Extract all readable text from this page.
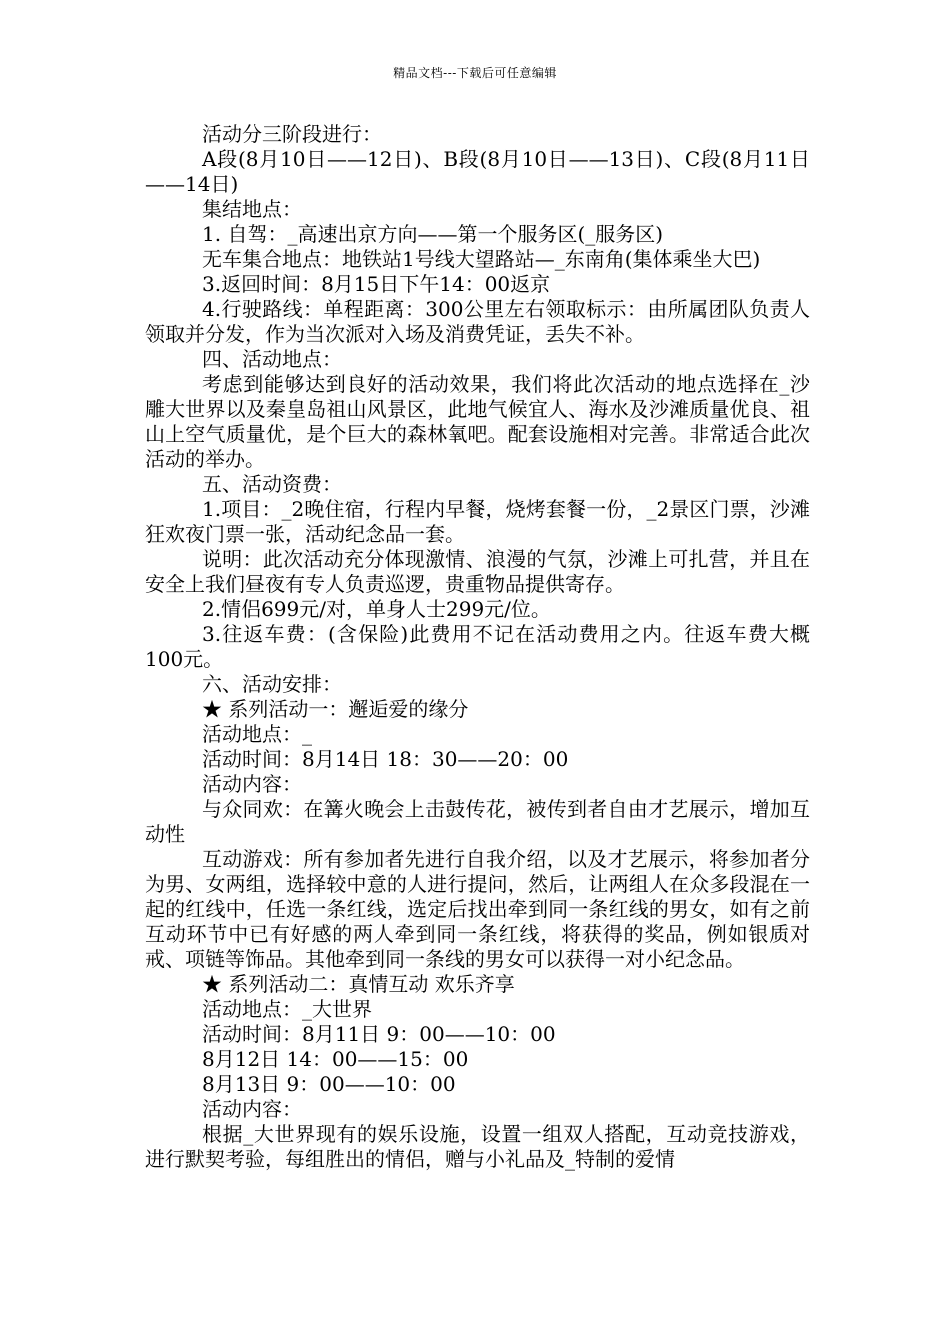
精品文档---下载后可任意编辑

活动分三阶段进行：

A段(8月10日——12日)、B段(8月10日——13日)、C段(8月11日——14日)

集结地点：

1. 自驾：_高速出京方向——第一个服务区(_服务区)

无车集合地点：地铁站1号线大望路站—_东南角(集体乘坐大巴)

3.返回时间：8月15日下午14：00返京

4.行驶路线：单程距离：300公里左右领取标示：由所属团队负责人领取并分发，作为当次派对入场及消费凭证，丢失不补。

四、活动地点：

考虑到能够达到良好的活动效果，我们将此次活动的地点选择在_沙雕大世界以及秦皇岛祖山风景区，此地气候宜人、海水及沙滩质量优良、祖山上空气质量优，是个巨大的森林氧吧。配套设施相对完善。非常适合此次活动的举办。

五、活动资费：

1.项目：_2晚住宿，行程内早餐，烧烤套餐一份，_2景区门票，沙滩狂欢夜门票一张，活动纪念品一套。

说明：此次活动充分体现激情、浪漫的气氛，沙滩上可扎营，并且在安全上我们昼夜有专人负责巡逻，贵重物品提供寄存。

2.情侣699元/对，单身人士299元/位。

3.往返车费：(含保险)此费用不记在活动费用之内。往返车费大概100元。

六、活动安排：

★ 系列活动一：邂逅爱的缘分

活动地点：_

活动时间：8月14日 18：30——20：00

活动内容：

与众同欢：在篝火晚会上击鼓传花，被传到者自由才艺展示，增加互动性

互动游戏：所有参加者先进行自我介绍，以及才艺展示，将参加者分为男、女两组，选择较中意的人进行提问，然后，让两组人在众多段混在一起的红线中，任选一条红线，选定后找出牵到同一条红线的男女，如有之前互动环节中已有好感的两人牵到同一条红线，将获得的奖品，例如银质对戒、项链等饰品。其他牵到同一条线的男女可以获得一对小纪念品。

★ 系列活动二：真情互动 欢乐齐享

活动地点：_大世界

活动时间：8月11日 9：00——10：00

8月12日 14：00——15：00

8月13日 9：00——10：00

活动内容：

根据_大世界现有的娱乐设施，设置一组双人搭配，互动竞技游戏，进行默契考验，每组胜出的情侣，赠与小礼品及_特制的爱情
